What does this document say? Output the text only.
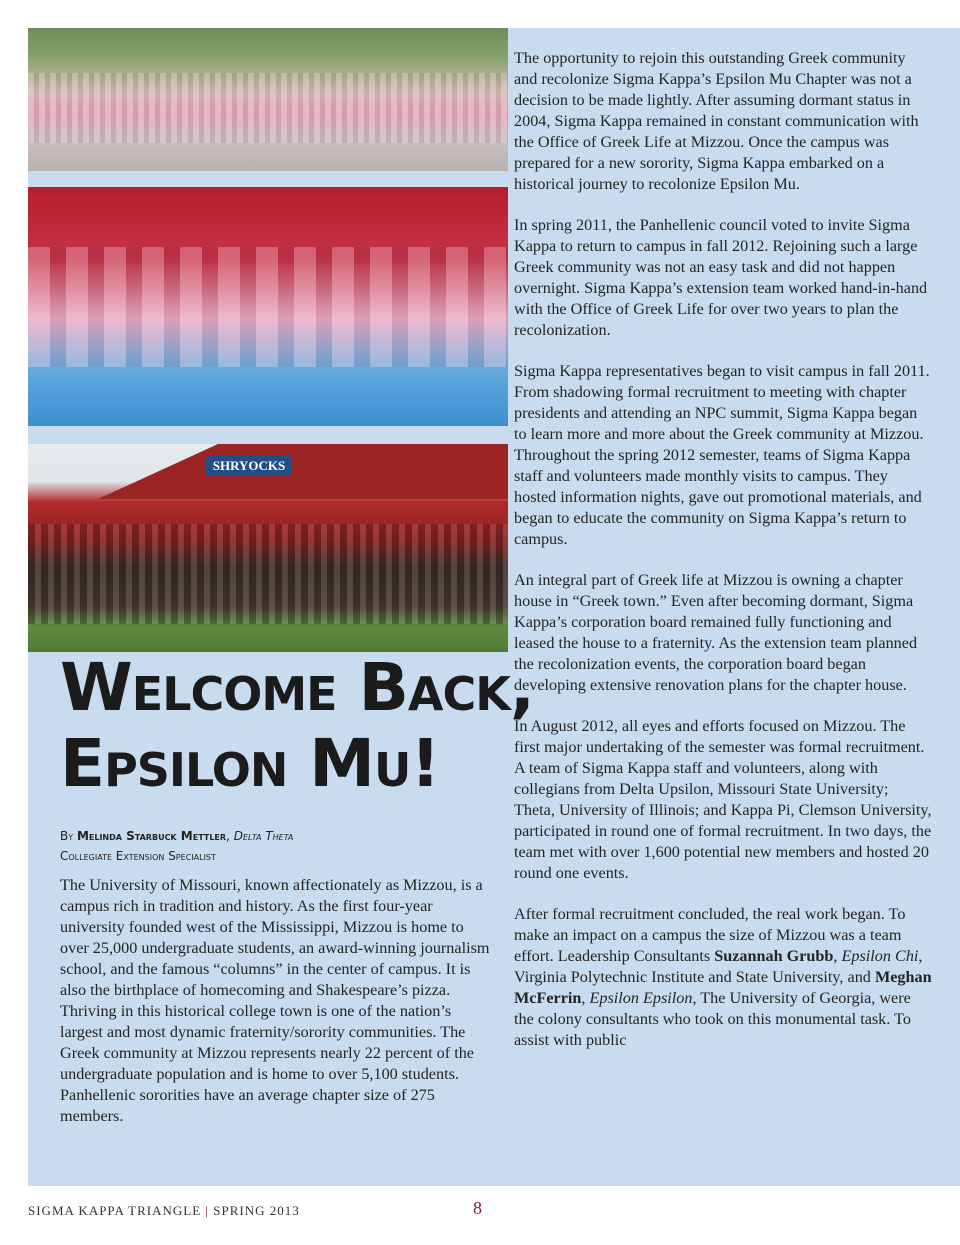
SHRYOCKS
Welcome Back,
Epsilon Mu!
By Melinda Starbuck Mettler, Delta Theta
Collegiate Extension Specialist

The University of Missouri, known affectionately as Mizzou, is a campus rich in tradition and history. As the first four-year university founded west of the Mississippi, Mizzou is home to over 25,000 undergraduate students, an award-winning journalism school, and the famous “columns” in the center of campus. It is also the birthplace of homecoming and Shakespeare’s pizza. Thriving in this historical college town is one of the nation’s largest and most dynamic fraternity/sorority communities. The Greek community at Mizzou represents nearly 22 percent of the undergraduate population and is home to over 5,100 students. Panhellenic sororities have an average chapter size of 275 members.

The opportunity to rejoin this outstanding Greek community and recolonize Sigma Kappa’s Epsilon Mu Chapter was not a decision to be made lightly. After assuming dormant status in 2004, Sigma Kappa remained in constant communication with the Office of Greek Life at Mizzou. Once the campus was prepared for a new sorority, Sigma Kappa embarked on a historical journey to recolonize Epsilon Mu.

In spring 2011, the Panhellenic council voted to invite Sigma Kappa to return to campus in fall 2012. Rejoining such a large Greek community was not an easy task and did not happen overnight. Sigma Kappa’s extension team worked hand-in-hand with the Office of Greek Life for over two years to plan the recolonization.

Sigma Kappa representatives began to visit campus in fall 2011. From shadowing formal recruitment to meeting with chapter presidents and attending an NPC summit, Sigma Kappa began to learn more and more about the Greek community at Mizzou. Throughout the spring 2012 semester, teams of Sigma Kappa staff and volunteers made monthly visits to campus. They hosted information nights, gave out promotional materials, and began to educate the community on Sigma Kappa’s return to campus.

An integral part of Greek life at Mizzou is owning a chapter house in “Greek town.” Even after becoming dormant, Sigma Kappa’s corporation board remained fully functioning and leased the house to a fraternity. As the extension team planned the recolonization events, the corporation board began developing extensive renovation plans for the chapter house.

In August 2012, all eyes and efforts focused on Mizzou. The first major undertaking of the semester was formal recruitment. A team of Sigma Kappa staff and volunteers, along with collegians from Delta Upsilon, Missouri State University; Theta, University of Illinois; and Kappa Pi, Clemson University, participated in round one of formal recruitment. In two days, the team met with over 1,600 potential new members and hosted 20 round one events.

After formal recruitment concluded, the real work began. To make an impact on a campus the size of Mizzou was a team effort. Leadership Consultants Suzannah Grubb, Epsilon Chi, Virginia Polytechnic Institute and State University, and Meghan McFerrin, Epsilon Epsilon, The University of Georgia, were the colony consultants who took on this monumental task. To assist with public

SIGMA KAPPA TRIANGLE | SPRING 2013	8
